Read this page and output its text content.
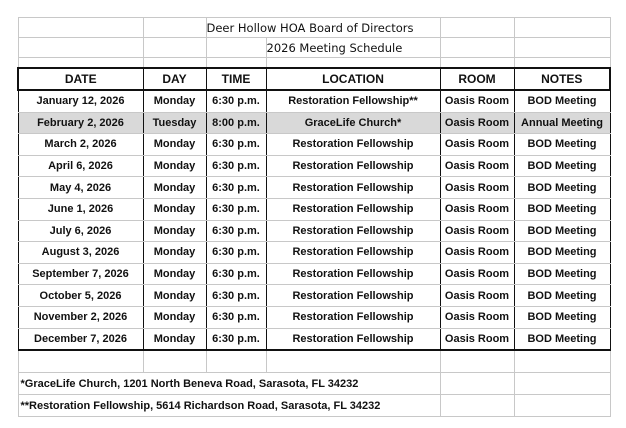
		Deer Hollow HOA Board of Directors			
			2026 Meeting Schedule		

DATE	DAY	TIME	LOCATION	ROOM	NOTES
January 12, 2026	Monday	6:30 p.m.	Restoration Fellowship**	Oasis Room	BOD Meeting
February 2, 2026	Tuesday	8:00 p.m.	GraceLife Church*	Oasis Room	Annual Meeting
March 2, 2026	Monday	6:30 p.m.	Restoration Fellowship	Oasis Room	BOD Meeting
April 6, 2026	Monday	6:30 p.m.	Restoration Fellowship	Oasis Room	BOD Meeting
May 4, 2026	Monday	6:30 p.m.	Restoration Fellowship	Oasis Room	BOD Meeting
June 1, 2026	Monday	6:30 p.m.	Restoration Fellowship	Oasis Room	BOD Meeting
July 6, 2026	Monday	6:30 p.m.	Restoration Fellowship	Oasis Room	BOD Meeting
August 3, 2026	Monday	6:30 p.m.	Restoration Fellowship	Oasis Room	BOD Meeting
September 7, 2026	Monday	6:30 p.m.	Restoration Fellowship	Oasis Room	BOD Meeting
October 5, 2026	Monday	6:30 p.m.	Restoration Fellowship	Oasis Room	BOD Meeting
November 2, 2026	Monday	6:30 p.m.	Restoration Fellowship	Oasis Room	BOD Meeting
December 7, 2026	Monday	6:30 p.m.	Restoration Fellowship	Oasis Room	BOD Meeting

*GraceLife Church, 1201 North Beneva Road, Sarasota, FL 34232					
**Restoration Fellowship, 5614 Richardson Road, Sarasota, FL 34232					
